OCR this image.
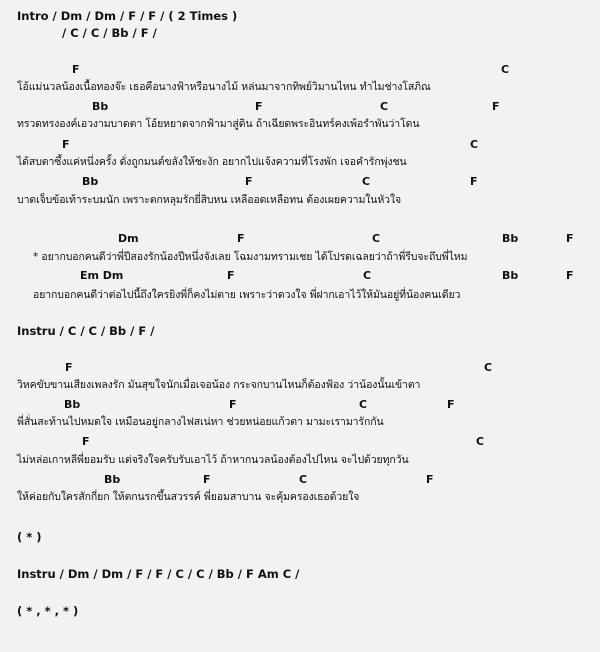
Intro / Dm / Dm / F / F / ( 2 Times )
/ C / C / Bb / F /
F	C
โอ้แม่นวลน้องเนื้อทองจ๊ะ เธอคือนางฟ้าหรือนางไม้ หล่นมาจากทิพย์วิมานไหน ทำไมช่างโสภิณ
Bb	F	C	F
ทรวดทรงองค์เอวงามบาดตา โอ้ยหยาดจากฟ้ามาสู่ดิน ถ้าเฉียดพระอินทร์คงเพ้อรำพันว่าโดน
F	C
ได้สบตาซึ้งแค่หนึ่งครั้ง ดั่งถูกมนต์ขลังให้ชะงัก อยากไปแจ้งความที่โรงพัก เจอคำรักพุ่งชน
Bb	F	C	F
บาดเจ็บข้อเท้าระบมนัก เพราะตกหลุมรักยี่สิบหน เหลืออดเหลือทน ต้องเผยความในหัวใจ
Dm	F	C	Bb	F
* อยากบอกคนดีว่าพี่ปีสองรักน้องปีหนึ่งจังเลย โฉมงามทรามเชย ได้โปรดเฉลยว่าถ้าพี่รีบจะถึบพี่ไหม
Em Dm	F	C	Bb	F
อยากบอกคนดีว่าต่อไปนี้ถึงใครยิงพี่ก็คงไม่ตาย เพราะว่าดวงใจ พี่ฝากเอาไว้ให้มันอยู่ที่น้องคนเดียว
Instru / C / C / Bb / F /
F	C
วิหคขับขานเสียงเพลงรัก มันสุขใจนักเมื่อเจอน้อง กระจกบานไหนก็ต้องฟ้อง ว่าน้องนั้นเข้าตา
Bb	F	C	F
พี่สั่นสะท้านไปหมดใจ เหมือนอยู่กลางไฟสเน่หา ช่วยหน่อยแก้วตา มามะเรามารักกัน
F	C
ไม่หล่อเกาหลีพี่ยอมรับ แต่จริงใจครับรับเอาไว้ ถ้าหากนวลน้องต้องไปไหน จะไปด้วยทุกวัน
Bb	F	C	F
ให้ค่อยกับใครสักกี่ยก ให้ตกนรกขึ้นสวรรค์ พี่ยอมสาบาน จะคุ้มครองเธอด้วยใจ
( * )
Instru / Dm / Dm / F / F / C / C / Bb / F Am C /
( * , * , * )
